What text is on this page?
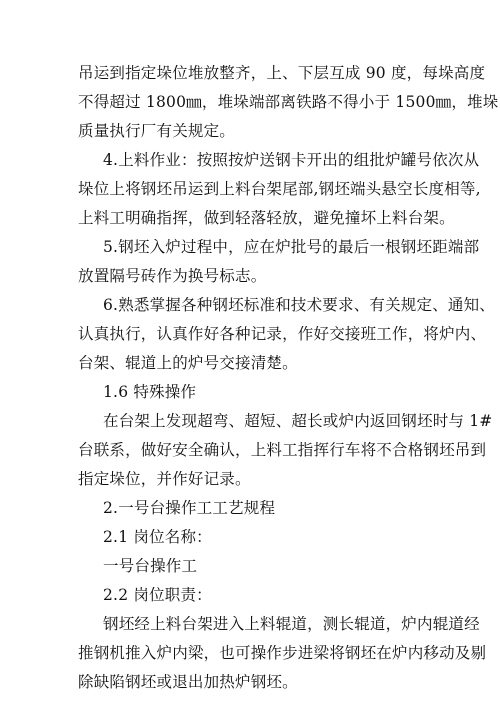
吊运到指定垛位堆放整齐，上、下层互成 90 度，每垛高度
不得超过 1800㎜，堆垛端部离铁路不得小于 1500㎜，堆垛
质量执行厂有关规定。
4.上料作业：按照按炉送钢卡开出的组批炉罐号依次从
垛位上将钢坯吊运到上料台架尾部,钢坯端头悬空长度相等,
上料工明确指挥，做到轻落轻放，避免撞坏上料台架。
5.钢坯入炉过程中，应在炉批号的最后一根钢坯距端部
放置隔号砖作为换号标志。
6.熟悉掌握各种钢坯标准和技术要求、有关规定、通知、
认真执行，认真作好各种记录，作好交接班工作，将炉内、
台架、辊道上的炉号交接清楚。
1.6 特殊操作
在台架上发现超弯、超短、超长或炉内返回钢坯时与 1#
台联系，做好安全确认，上料工指挥行车将不合格钢坯吊到
指定垛位，并作好记录。
2.一号台操作工工艺规程
2.1 岗位名称：
一号台操作工
2.2 岗位职责：
钢坯经上料台架进入上料辊道，测长辊道，炉内辊道经
推钢机推入炉内梁，也可操作步进梁将钢坯在炉内移动及剔
除缺陷钢坯或退出加热炉钢坯。
